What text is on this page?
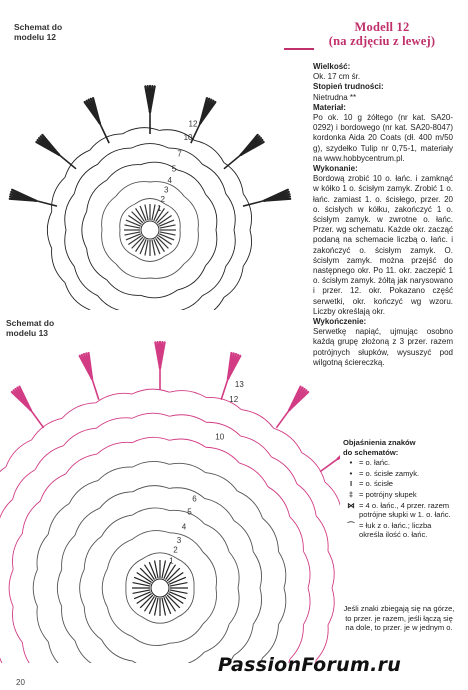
Schemat do
modelu 12
12
10
7
5
4
3
2
1
Schemat do
modelu 13
13
12
10
6
5
4
3
2
1
Modell 12
(na zdjęciu z lewej)
Wielkość:

Ok. 17 cm śr.

Stopień trudności:

Nietrudna **

Materiał:

Po ok. 10 g żółtego (nr kat. SA20-0292) i bordowego (nr kat. SA20-8047) kordonka Aida 20 Coats (dł. 400 m/50 g), szydełko Tulip nr 0,75-1, materiały na www.hobbycentrum.pl.

Wykonanie:

Bordową zrobić 10 o. łańc. i zamknąć w kółko 1 o. ścisłym zamyk. Zrobić 1 o. łańc. zamiast 1. o. ścisłego, przer. 20 o. ścisłych w kółku, zakończyć 1 o. ścisłym zamyk. w zwrotne o. łańc. Przer. wg schematu. Każde okr. zacząć podaną na schemacie liczbą o. łańc. i zakończyć o. ścisłym zamyk. O. ścisłym zamyk. można przejść do następnego okr. Po 11. okr. zaczepić 1 o. ścisłym zamyk. żółtą jak narysowano i przer. 12. okr. Pokazano część serwetki, okr. kończyć wg wzoru. Liczby określają okr.

Wykończenie:

Serwetkę napiąć, ujmując osobno każdą grupę złożoną z 3 przer. razem potrójnych słupków, wysuszyć pod wilgotną ściereczką.

Objaśnienia znaków
do schematów:
• = o. łańc.
• = o. ścisłe zamyk.
I = o. ścisłe
‡ = potrójny słupek
⋈ = 4 o. łańc., 4 przer. razem potrójne słupki w 1. o. łańc.
⌒ = łuk z o. łańc.; liczba określa ilość o. łańc.
Jeśli znaki zbiegają się na górze, to przer. je razem, jeśli łączą się na dole, to przer. je w jednym o.
20
PassionForum.ru
